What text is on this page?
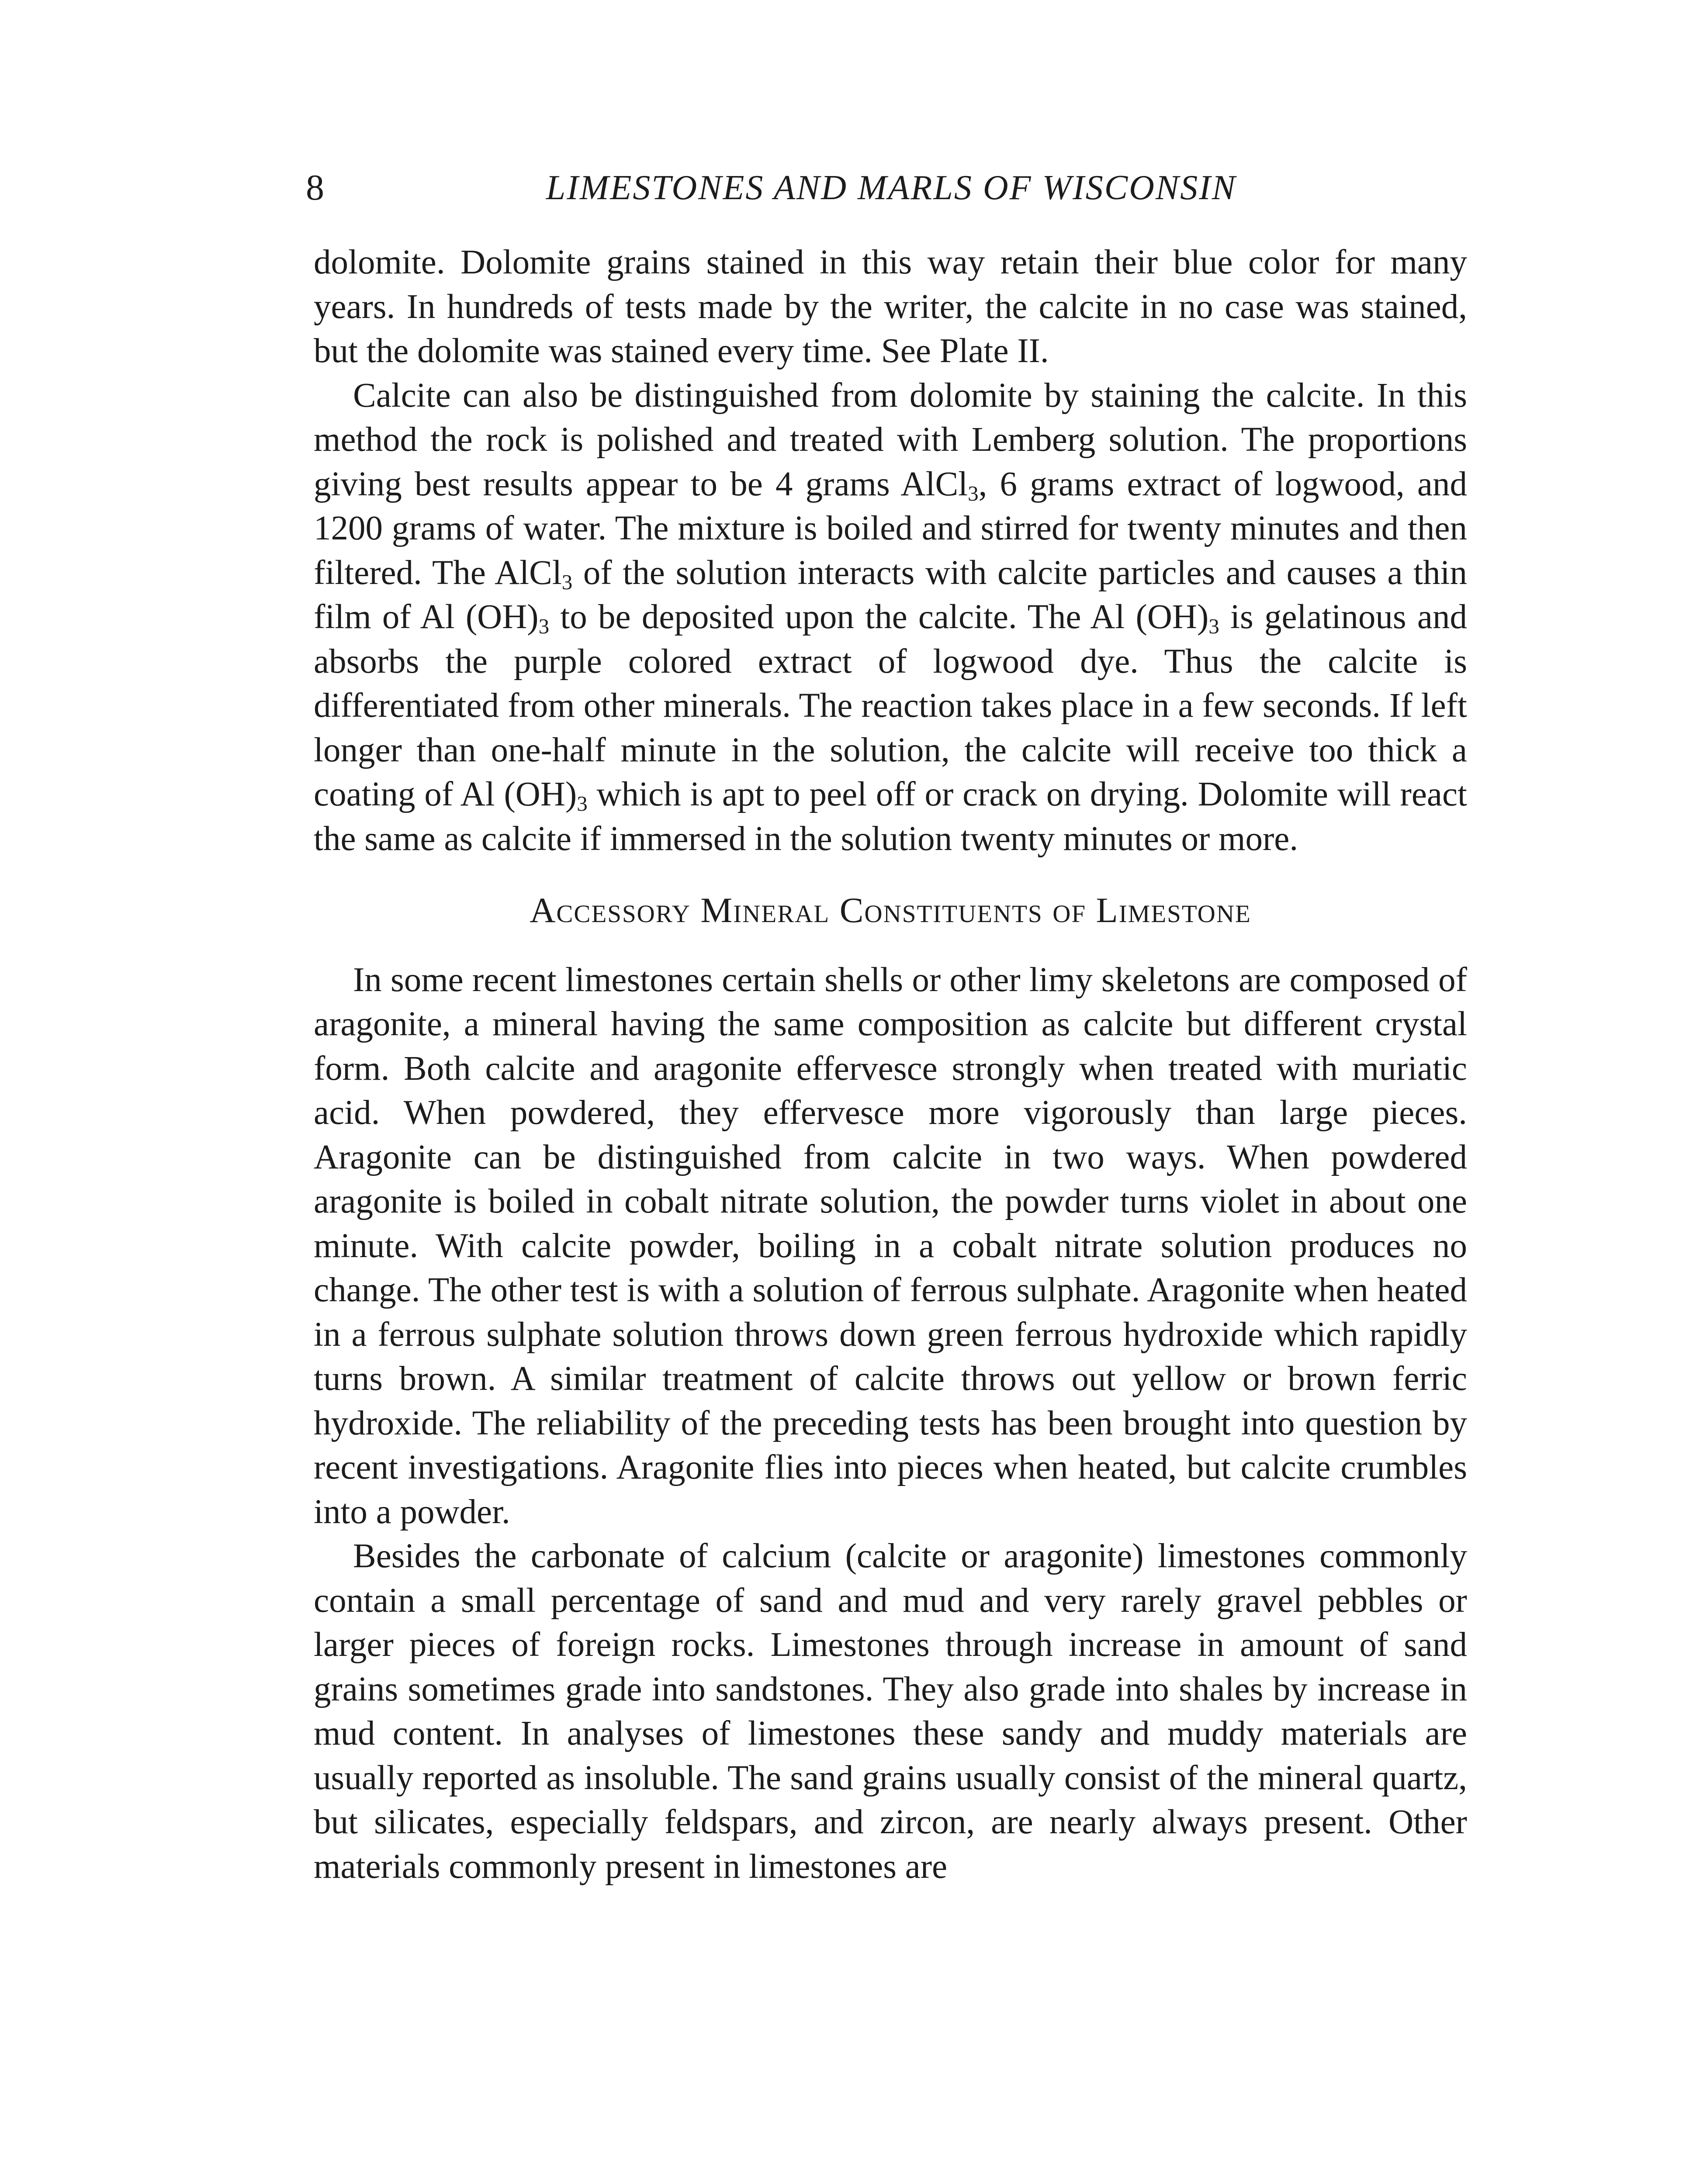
8	LIMESTONES AND MARLS OF WISCONSIN

dolomite. Dolomite grains stained in this way retain their blue color for many years. In hundreds of tests made by the writer, the calcite in no case was stained, but the dolomite was stained every time. See Plate II.

Calcite can also be distinguished from dolomite by staining the calcite. In this method the rock is polished and treated with Lemberg solution. The proportions giving best results appear to be 4 grams AlCl$_3$, 6 grams extract of logwood, and 1200 grams of water. The mixture is boiled and stirred for twenty minutes and then filtered. The AlCl$_3$ of the solution interacts with calcite particles and causes a thin film of Al $(OH)_3$ to be deposited upon the calcite. The Al $(OH)_3$ is gelatinous and absorbs the purple colored extract of logwood dye. Thus the calcite is differentiated from other minerals. The reaction takes place in a few seconds. If left longer than one-half minute in the solution, the calcite will receive too thick a coating of Al $(OH)_3$ which is apt to peel off or crack on drying. Dolomite will react the same as calcite if immersed in the solution twenty minutes or more.

Accessory Mineral Constituents of Limestone

In some recent limestones certain shells or other limy skeletons are composed of aragonite, a mineral having the same composition as calcite but different crystal form. Both calcite and aragonite effervesce strongly when treated with muriatic acid. When powdered, they effervesce more vigorously than large pieces. Aragonite can be distinguished from calcite in two ways. When powdered aragonite is boiled in cobalt nitrate solution, the powder turns violet in about one minute. With calcite powder, boiling in a cobalt nitrate solution produces no change. The other test is with a solution of ferrous sulphate. Aragonite when heated in a ferrous sulphate solution throws down green ferrous hydroxide which rapidly turns brown. A similar treatment of calcite throws out yellow or brown ferric hydroxide. The reliability of the preceding tests has been brought into question by recent investigations. Aragonite flies into pieces when heated, but calcite crumbles into a powder.

Besides the carbonate of calcium (calcite or aragonite) limestones commonly contain a small percentage of sand and mud and very rarely gravel pebbles or larger pieces of foreign rocks. Limestones through increase in amount of sand grains sometimes grade into sandstones. They also grade into shales by increase in mud content. In analyses of limestones these sandy and muddy materials are usually reported as insoluble. The sand grains usually consist of the mineral quartz, but silicates, especially feldspars, and zircon, are nearly always present. Other materials commonly present in limestones are
